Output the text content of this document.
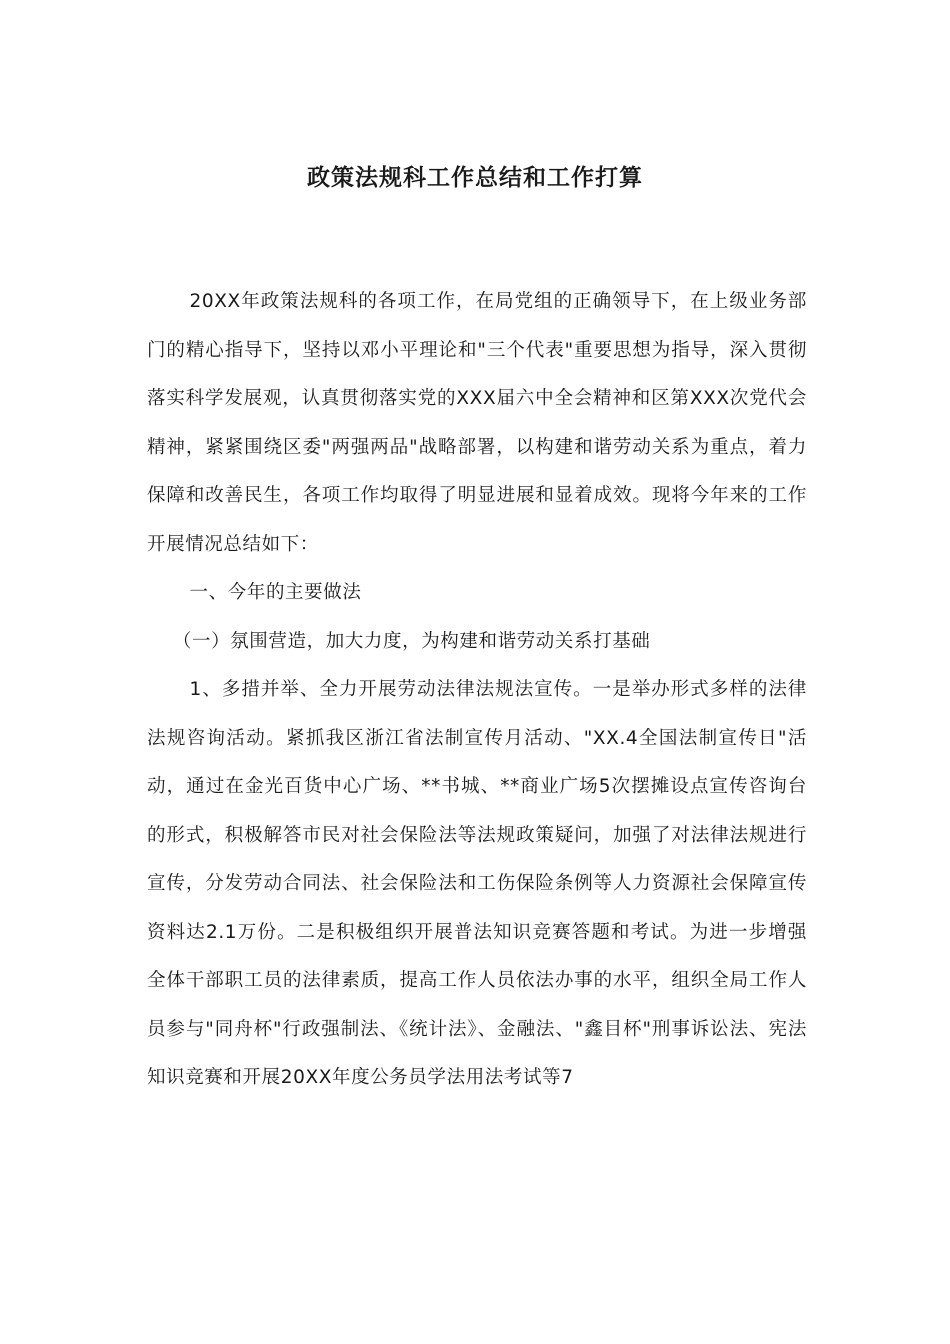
政策法规科工作总结和工作打算

20XX年政策法规科的各项工作，在局党组的正确领导下，在上级业务部门的精心指导下，坚持以邓小平理论和"三个代表"重要思想为指导，深入贯彻落实科学发展观，认真贯彻落实党的XXX届六中全会精神和区第XXX次党代会精神，紧紧围绕区委"两强两品"战略部署，以构建和谐劳动关系为重点，着力保障和改善民生，各项工作均取得了明显进展和显着成效。现将今年来的工作开展情况总结如下：

一、今年的主要做法

（一）氛围营造，加大力度，为构建和谐劳动关系打基础

1、多措并举、全力开展劳动法律法规法宣传。一是举办形式多样的法律法规咨询活动。紧抓我区浙江省法制宣传月活动、"XX.4全国法制宣传日"活动，通过在金光百货中心广场、**书城、**商业广场5次摆摊设点宣传咨询台的形式，积极解答市民对社会保险法等法规政策疑问，加强了对法律法规进行宣传，分发劳动合同法、社会保险法和工伤保险条例等人力资源社会保障宣传资料达2.1万份。二是积极组织开展普法知识竞赛答题和考试。为进一步增强全体干部职工员的法律素质，提高工作人员依法办事的水平，组织全局工作人员参与"同舟杯"行政强制法、《统计法》、金融法、"鑫目杯"刑事诉讼法、宪法知识竞赛和开展20XX年度公务员学法用法考试等7
